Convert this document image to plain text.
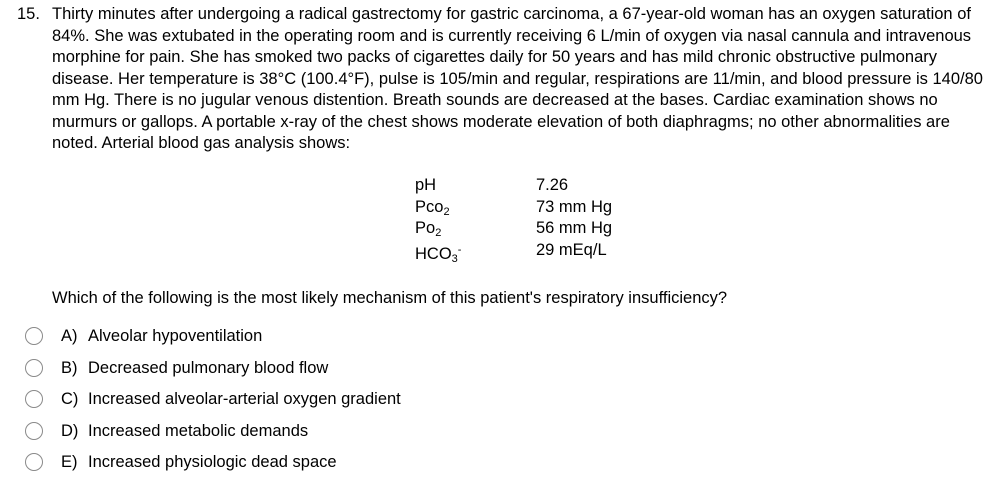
15. Thirty minutes after undergoing a radical gastrectomy for gastric carcinoma, a 67-year-old woman has an oxygen saturation of 84%. She was extubated in the operating room and is currently receiving 6 L/min of oxygen via nasal cannula and intravenous morphine for pain. She has smoked two packs of cigarettes daily for 50 years and has mild chronic obstructive pulmonary disease. Her temperature is 38°C (100.4°F), pulse is 105/min and regular, respirations are 11/min, and blood pressure is 140/80 mm Hg. There is no jugular venous distention. Breath sounds are decreased at the bases. Cardiac examination shows no murmurs or gallops. A portable x-ray of the chest shows moderate elevation of both diaphragms; no other abnormalities are noted. Arterial blood gas analysis shows:

pH	7.26
Pco$_2$	73 mm Hg
$Po_2$	56 mm Hg
$HCO_3^-$	29 mEq/L
Which of the following is the most likely mechanism of this patient's respiratory insufficiency?
A) Alveolar hypoventilation
B) Decreased pulmonary blood flow
C) Increased alveolar-arterial oxygen gradient
D) Increased metabolic demands
E) Increased physiologic dead space
